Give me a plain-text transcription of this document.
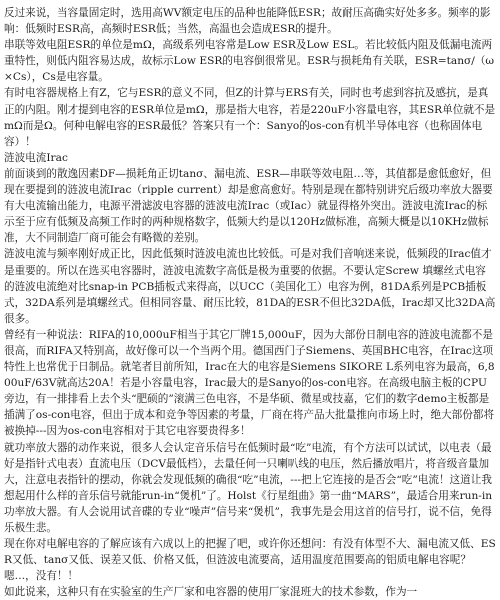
反过来说，当容量固定时，选用高WV额定电压的品种也能降低ESR；故耐压高确实好处多多。频率的影响：低频时ESR高，高频时ESR低；当然，高温也会造成ESR的提升。

串联等效电阻ESR的单位是mΩ，高级系列电容常是Low ESR及Low ESL。若比较低内阻及低漏电流两重特性，则低内阻容易达成，故标示Low ESR的电容倒很常见。ESR与损耗角有关联，ESR=tanσ/（ω×Cs），Cs是电容量。

有时电容器规格上有Z，它与ESR的意义不同，但Z的计算与ERS有关，同时也考虑到容抗及感抗，是真正的内阻。刚才提到电容的ESR单位是mΩ，那是指大电容，若是220uF小容量电容，其ESR单位就不是mΩ而是Ω。何种电解电容的ESR最低？答案只有一个：Sanyo的os-con有机半导体电容（也称固体电容）！

涟波电流Irac

前面谈到的散逸因素DF—损耗角正切tanσ、漏电流、ESR—串联等效电阻…等，其值都是愈低愈好，但现在要提到的涟波电流Irac（ripple current）却是愈高愈好。特别是现在都特别讲究后级功率放大器要有大电流输出能力，电源平滑滤波电容器的涟波电流Irac（或Iac）就显得格外突出。涟波电流Irac的标示至于应有低频及高频工作时的两种规格数字，低频大约是以120Hz做标准，高频大概是以10KHz做标准，大不同制造厂商可能会有略微的差别。

涟波电流与频率刚好成正比，因此低频时涟波电流也比较低。可是对我们音响迷来说，低频段的Irac值才是重要的。所以在选买电容器时，涟波电流数字高低是极为重要的依据。不要认定Screw 填螺丝式电容的涟波电流绝对比snap-in PCB插板式来得高，以UCC（美国化工）电容为例，81DA系列是PCB插板式，32DA系列是填螺丝式。但相同容量、耐压比较，81DA的ESR不但比32DA低，Irac却又比32DA高很多。

曾经有一种说法：RIFA的10,000uF相当于其它厂牌15,000uF，因为大部份日制电容的涟波电流都不是很高，而RIFA又特别高，故好像可以一个当两个用。德国西门子Siemens、英国BHC电容，在Irac这项特性上也常优于日制品。就笔者目前所知，Irac在大的电容是Siemens SIKORE L系列电容为最高，6,800uF/63V就高达20A！若是小容量电容，Irac最大的是Sanyo的os-con电容。在高级电脑主板的CPU旁边，有一排排看上去个头“肥硕的”滚满三色电容，不是华硕、微星或技嘉，它们的数字demo主板都是插满了os-con电容，但出于成本和竞争等因素的考量，厂商在将产品大批量推向市场上时，绝大部份都将被换掉---因为os-con电容相对于其它电容要贵得多！

就功率放大器的动作来说，很多人会认定音乐信号在低频时最“吃”电流，有个方法可以试试，以电表（最好是指针式电表）直流电压（DCV最低档），去量任何一只喇叭线的电压，然后播放唱片，将音级音量加大，注意电表指针的摆动，你就会发现低频的确很“吃”电流，---把上它连接的是否会“吃”电流！这道让我想起用什么样的音乐信号就能run-in“煲机”了。Holst《行星组曲》第一曲“MARS”，最适合用来run-in功率放大器。有人会说用试音碟的专业“噪声”信号来“煲机”，我事先是会用这首的信号打，说不信，免得乐极生悲。

现在你对电解电容的了解应该有六成以上的把握了吧，或许你还想问：有没有体型不大、漏电流又低、ESR又低、tanσ又低、误差又低、价格又低，但涟波电流要高，适用温度范围要高的铝质电解电容呢？嗯…，没有！！

如此说来，这种只有在实验室的生产厂家和电容器的使用厂家混班大的技术参数，作为一
